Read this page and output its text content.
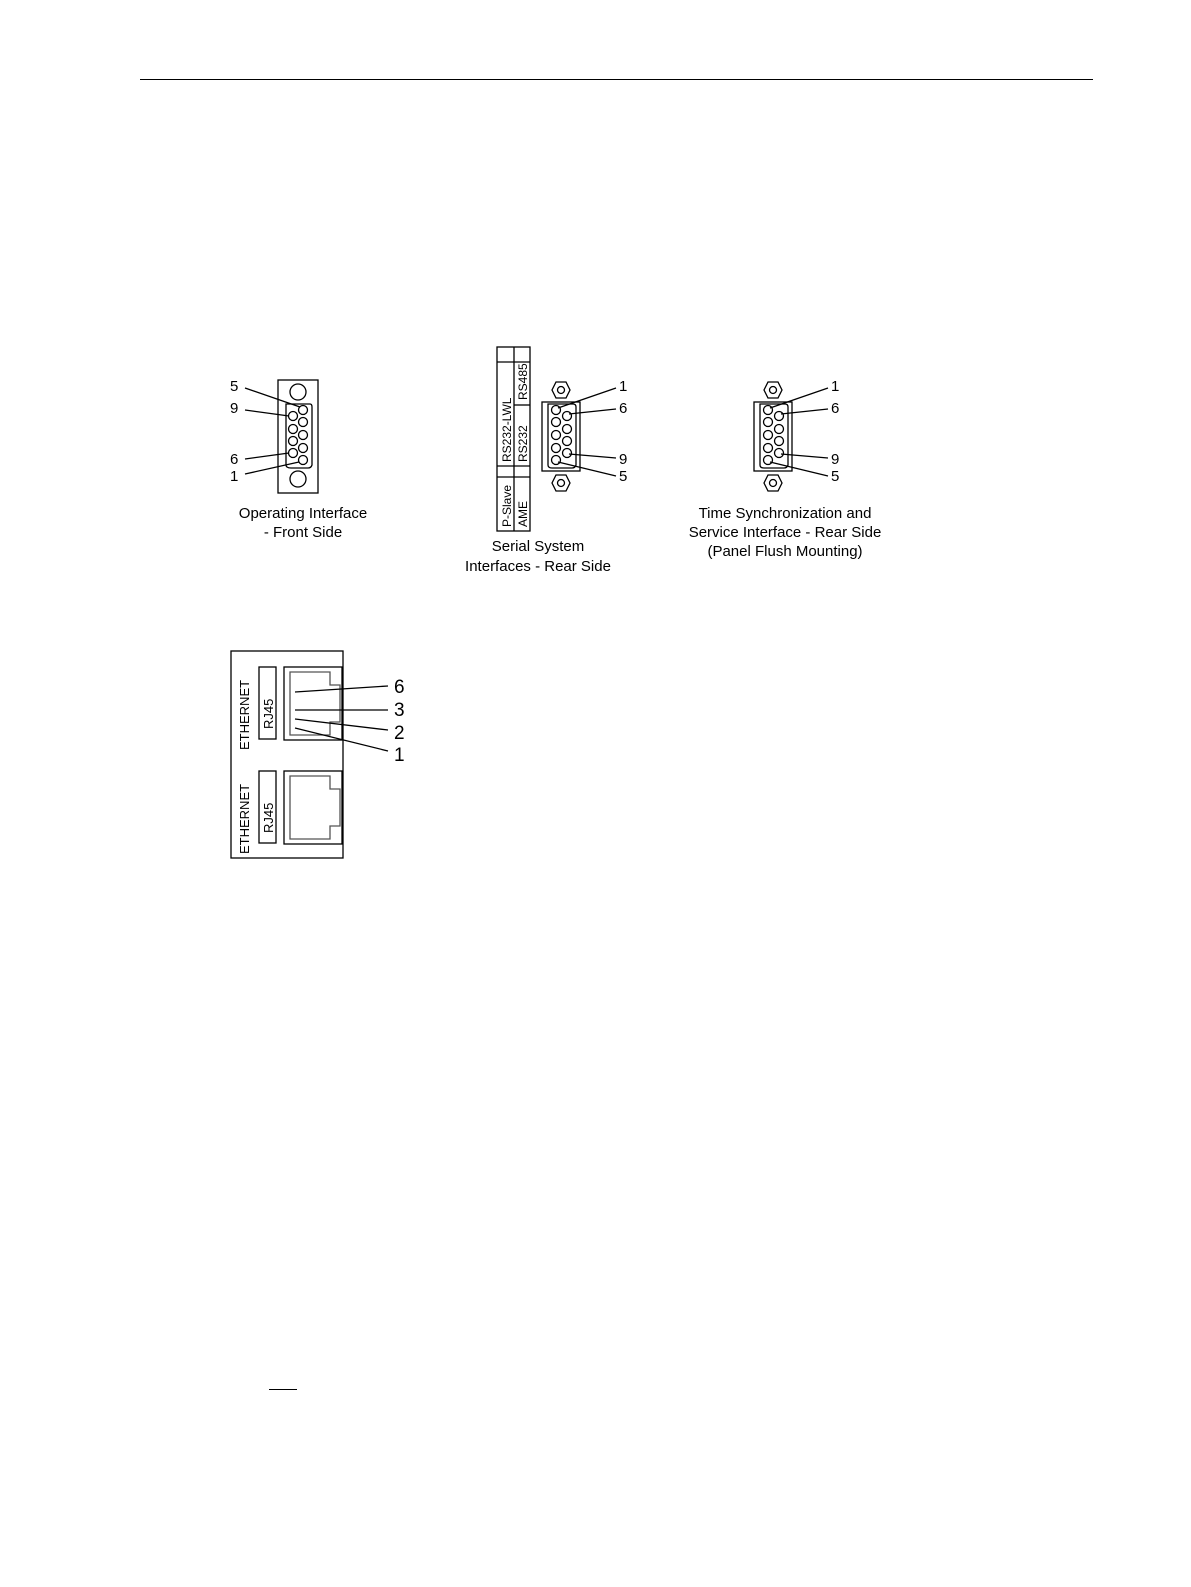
5
9
6
1
Operating Interface
- Front Side
RS232-LWL
RS485
RS232
P-Slave AME
1
6
9
5
Serial System
Interfaces - Rear Side
1
6
9
5
Time Synchronization and
Service Interface - Rear Side
(Panel Flush Mounting)
ETHERNET RJ45
ETHERNET RJ45
6
3
2
1
